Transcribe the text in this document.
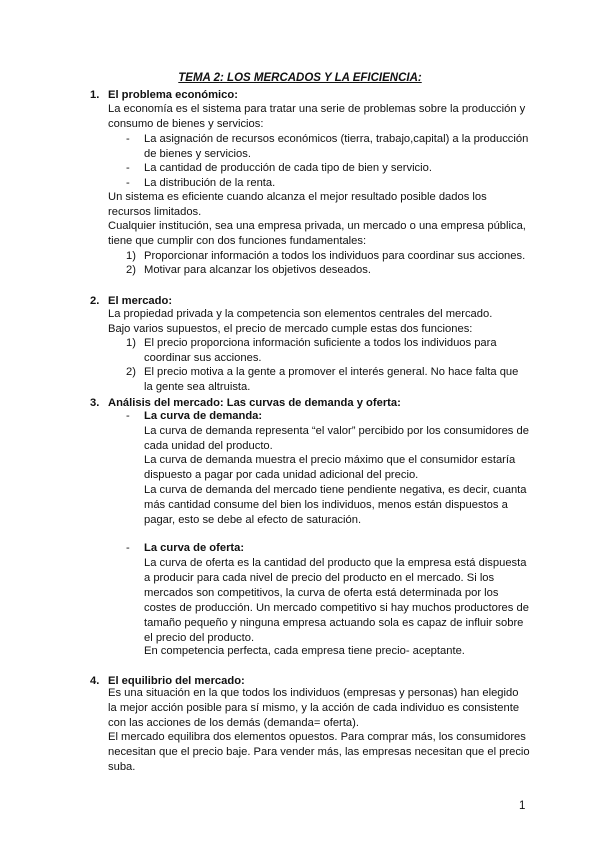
TEMA 2: LOS MERCADOS Y LA EFICIENCIA:
1. El problema económico:
La economía es el sistema para tratar una serie de problemas sobre la producción y consumo de bienes y servicios:
- La asignación de recursos económicos (tierra, trabajo,capital) a la producción de bienes y servicios.
- La cantidad de producción de cada tipo de bien y servicio.
- La distribución de la renta.
Un sistema es eficiente cuando alcanza el mejor resultado posible dados los recursos limitados.
Cualquier institución, sea una empresa privada, un mercado o una empresa pública, tiene que cumplir con dos funciones fundamentales:
1) Proporcionar información a todos los individuos para coordinar sus acciones.
2) Motivar para alcanzar los objetivos deseados.
2. El mercado:
La propiedad privada y la competencia son elementos centrales del mercado.
Bajo varios supuestos, el precio de mercado cumple estas dos funciones:
1) El precio proporciona información suficiente a todos los individuos para coordinar sus acciones.
2) El precio motiva a la gente a promover el interés general. No hace falta que la gente sea altruista.
3. Análisis del mercado: Las curvas de demanda y oferta:
- La curva de demanda:
La curva de demanda representa “el valor” percibido por los consumidores de cada unidad del producto.
La curva de demanda muestra el precio máximo que el consumidor estaría dispuesto a pagar por cada unidad adicional del precio.
La curva de demanda del mercado tiene pendiente negativa, es decir, cuanta más cantidad consume del bien los individuos, menos están dispuestos a pagar, esto se debe al efecto de saturación.
- La curva de oferta:
La curva de oferta es la cantidad del producto que la empresa está dispuesta a producir para cada nivel de precio del producto en el mercado. Si los mercados son competitivos, la curva de oferta está determinada por los costes de producción. Un mercado competitivo si hay muchos productores de tamaño pequeño y ninguna empresa actuando sola es capaz de influir sobre el precio del producto.
En competencia perfecta, cada empresa tiene precio- aceptante.
4. El equilibrio del mercado:
Es una situación en la que todos los individuos (empresas y personas) han elegido la mejor acción posible para sí mismo, y la acción de cada individuo es consistente con las acciones de los demás (demanda= oferta).
El mercado equilibra dos elementos opuestos. Para comprar más, los consumidores necesitan que el precio baje. Para vender más, las empresas necesitan que el precio suba.
1
